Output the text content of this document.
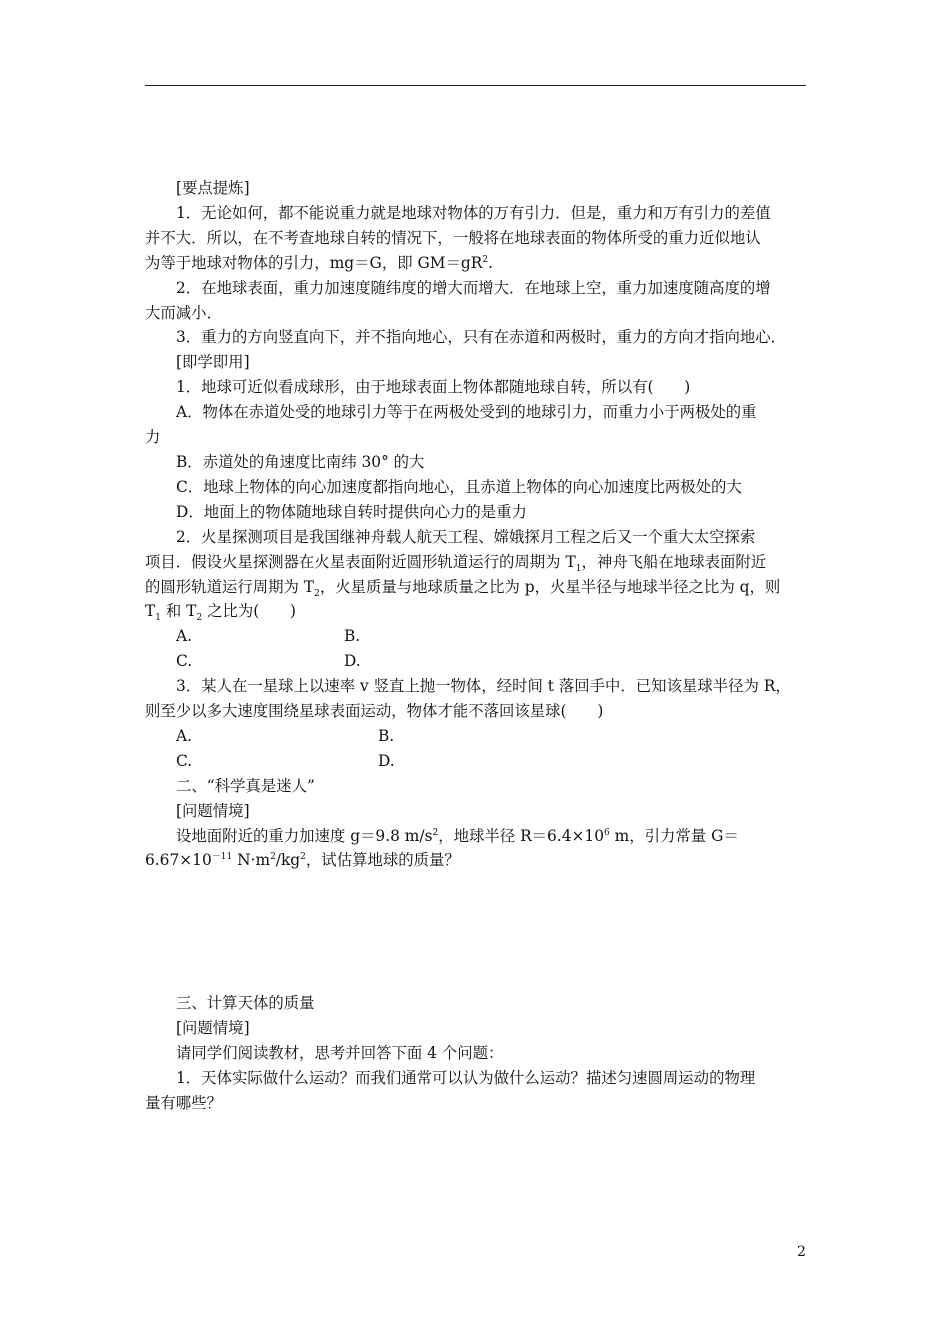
[要点提炼]

1．无论如何，都不能说重力就是地球对物体的万有引力．但是，重力和万有引力的差值

并不大．所以，在不考查地球自转的情况下，一般将在地球表面的物体所受的重力近似地认

为等于地球对物体的引力，mg＝G，即 $GM=gR^2$.

2．在地球表面，重力加速度随纬度的增大而增大．在地球上空，重力加速度随高度的增

大而减小．

3．重力的方向竖直向下，并不指向地心，只有在赤道和两极时，重力的方向才指向地心．

[即学即用]

1．地球可近似看成球形，由于地球表面上物体都随地球自转，所以有(　　)

A．物体在赤道处受的地球引力等于在两极处受到的地球引力，而重力小于两极处的重

力

B．赤道处的角速度比南纬 30° 的大

C．地球上物体的向心加速度都指向地心，且赤道上物体的向心加速度比两极处的大

D．地面上的物体随地球自转时提供向心力的是重力

2．火星探测项目是我国继神舟载人航天工程、嫦娥探月工程之后又一个重大太空探索

项目．假设火星探测器在火星表面附近圆形轨道运行的周期为 $T_1$，神舟飞船在地球表面附近

的圆形轨道运行周期为 $T_2$，火星质量与地球质量之比为 p，火星半径与地球半径之比为 q，则

$T_1$ 和 $T_2$ 之比为(　　)

A.	B.
C.	D.

3．某人在一星球上以速率 v 竖直上抛一物体，经时间 t 落回手中．已知该星球半径为 R，

则至少以多大速度围绕星球表面运动，物体才能不落回该星球(　　)

A.	B.
C.	D.

二、“科学真是迷人”

[问题情境]

设地面附近的重力加速度 g＝9.8 $m/s^2$，地球半径 $R=6.4\times 10^6$ m，引力常量 G＝

$6.67\times 10^{-11}$ $N\cdot m^2/kg^2$，试估算地球的质量？

三、计算天体的质量

[问题情境]

请同学们阅读教材，思考并回答下面 4 个问题：

1．天体实际做什么运动？而我们通常可以认为做什么运动？描述匀速圆周运动的物理

量有哪些？

2
